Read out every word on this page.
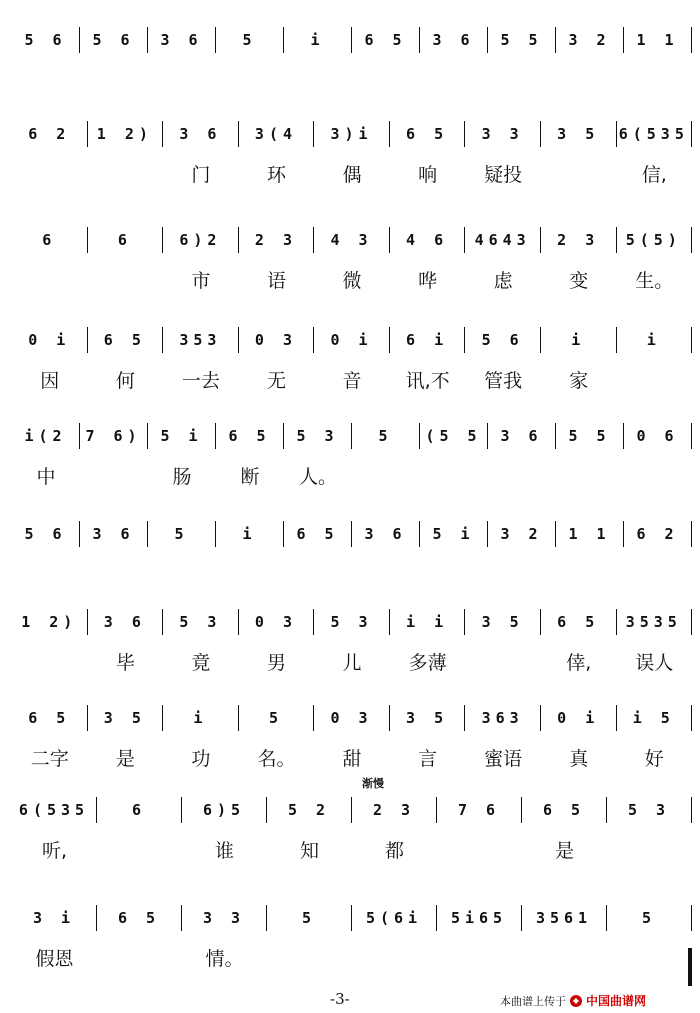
5 6	5 6	3 6	5	i	6 5	3 6	5 5	3 2	1 1
6 2	1 2)	3 6	3(4	3)i	6 5	3 3	3 5	6(535
门	环	偶	响	疑投	信,
6	6	6)2	2 3	4 3	4 6	4643	2 3	5(5)
市	语	微	哗	虑	变	生。
0 i	6 5	353	0 3	0 i	6 i	5 6	i	i
因	何	一去	无	音	讯,不	管我	家
i(2	7 6)	5 i	6 5	5 3	5	(5 5	3 6	5 5	0 6
中	肠	断	人。
5 6	3 6	5	i	6 5	3 6	5 i	3 2	1 1	6 2
1 2)	3 6	5 3	0 3	5 3	i i	3 5	6 5	3535
毕	竟	男	儿	多薄	倖,	误人
6 5	3 5	i	5	0 3	3 5	363	0 i	i 5
二字	是	功	名。	甜	言	蜜语	真	好
渐慢
6(535	6	6)5	5 2	2 3	7 6	6 5	5 3
听,	谁	知	都	是
3 i	6 5	3 3	5	5(6i	5i65	3561	5
假恩	情。
-3-	本曲谱上传于 ◆ 中国曲谱网
